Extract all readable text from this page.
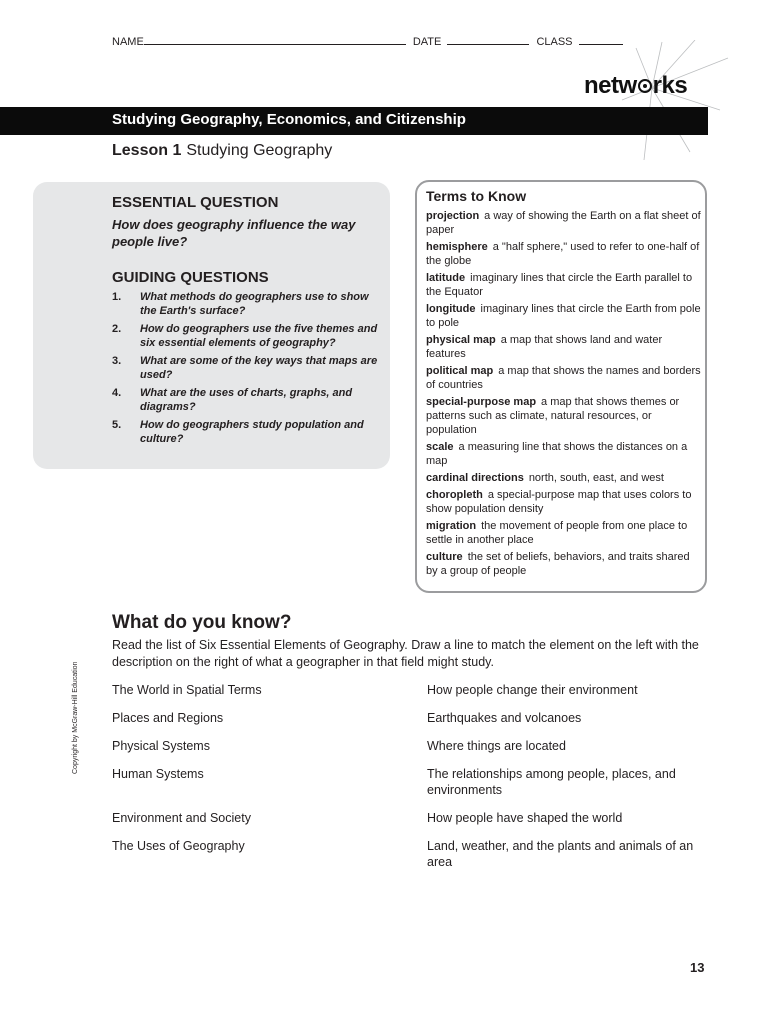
NAME	DATE	CLASS
netw rks
Studying Geography, Economics, and Citizenship
Lesson 1 Studying Geography
ESSENTIAL QUESTION
How does geography influence the way people live?
GUIDING QUESTIONS
1. What methods do geographers use to show the Earth's surface?
2. How do geographers use the five themes and six essential elements of geography?
3. What are some of the key ways that maps are used?
4. What are the uses of charts, graphs, and diagrams?
5. How do geographers study population and culture?
Terms to Know
projection a way of showing the Earth on a flat sheet of paper
hemisphere a "half sphere," used to refer to one-half of the globe
latitude imaginary lines that circle the Earth parallel to the Equator
longitude imaginary lines that circle the Earth from pole to pole
physical map a map that shows land and water features
political map a map that shows the names and borders of countries
special-purpose map a map that shows themes or patterns such as climate, natural resources, or population
scale a measuring line that shows the distances on a map
cardinal directions north, south, east, and west
choropleth a special-purpose map that uses colors to show population density
migration the movement of people from one place to settle in another place
culture the set of beliefs, behaviors, and traits shared by a group of people
What do you know?
Read the list of Six Essential Elements of Geography. Draw a line to match the element on the left with the description on the right of what a geographer in that field might study.
The World in Spatial Terms
Places and Regions
Physical Systems
Human Systems
Environment and Society
The Uses of Geography
How people change their environment
Earthquakes and volcanoes
Where things are located
The relationships among people, places, and environments
How people have shaped the world
Land, weather, and the plants and animals of an area
Copyright by McGraw-Hill Education
13
